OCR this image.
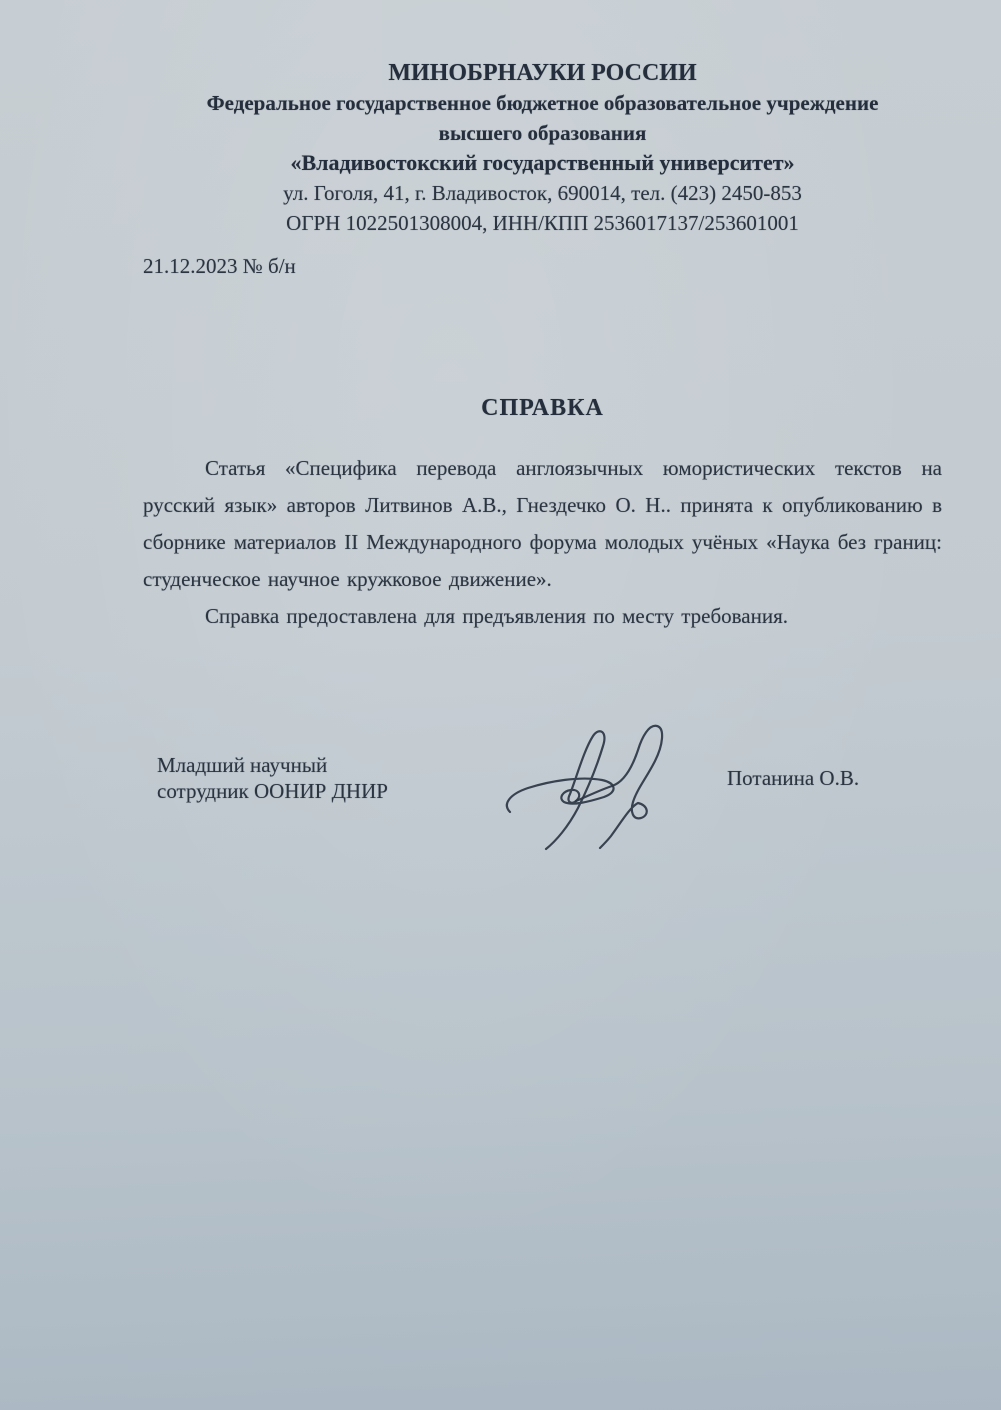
МИНОБРНАУКИ РОССИИ
Федеральное государственное бюджетное образовательное учреждение
высшего образования
«Владивостокский государственный университет»
ул. Гоголя, 41, г. Владивосток, 690014, тел. (423) 2450-853
ОГРН 1022501308004, ИНН/КПП 2536017137/253601001
21.12.2023 № б/н
СПРАВКА

Статья «Специфика перевода англоязычных юмористических текстов на русский язык» авторов Литвинов А.В., Гнездечко О. Н.. принята к опубликованию в сборнике материалов II Международного форума молодых учёных «Наука без границ: студенческое научное кружковое движение».

Справка предоставлена для предъявления по месту требования.

Младший научный
сотрудник ООНИР ДНИР
Потанина О.В.
